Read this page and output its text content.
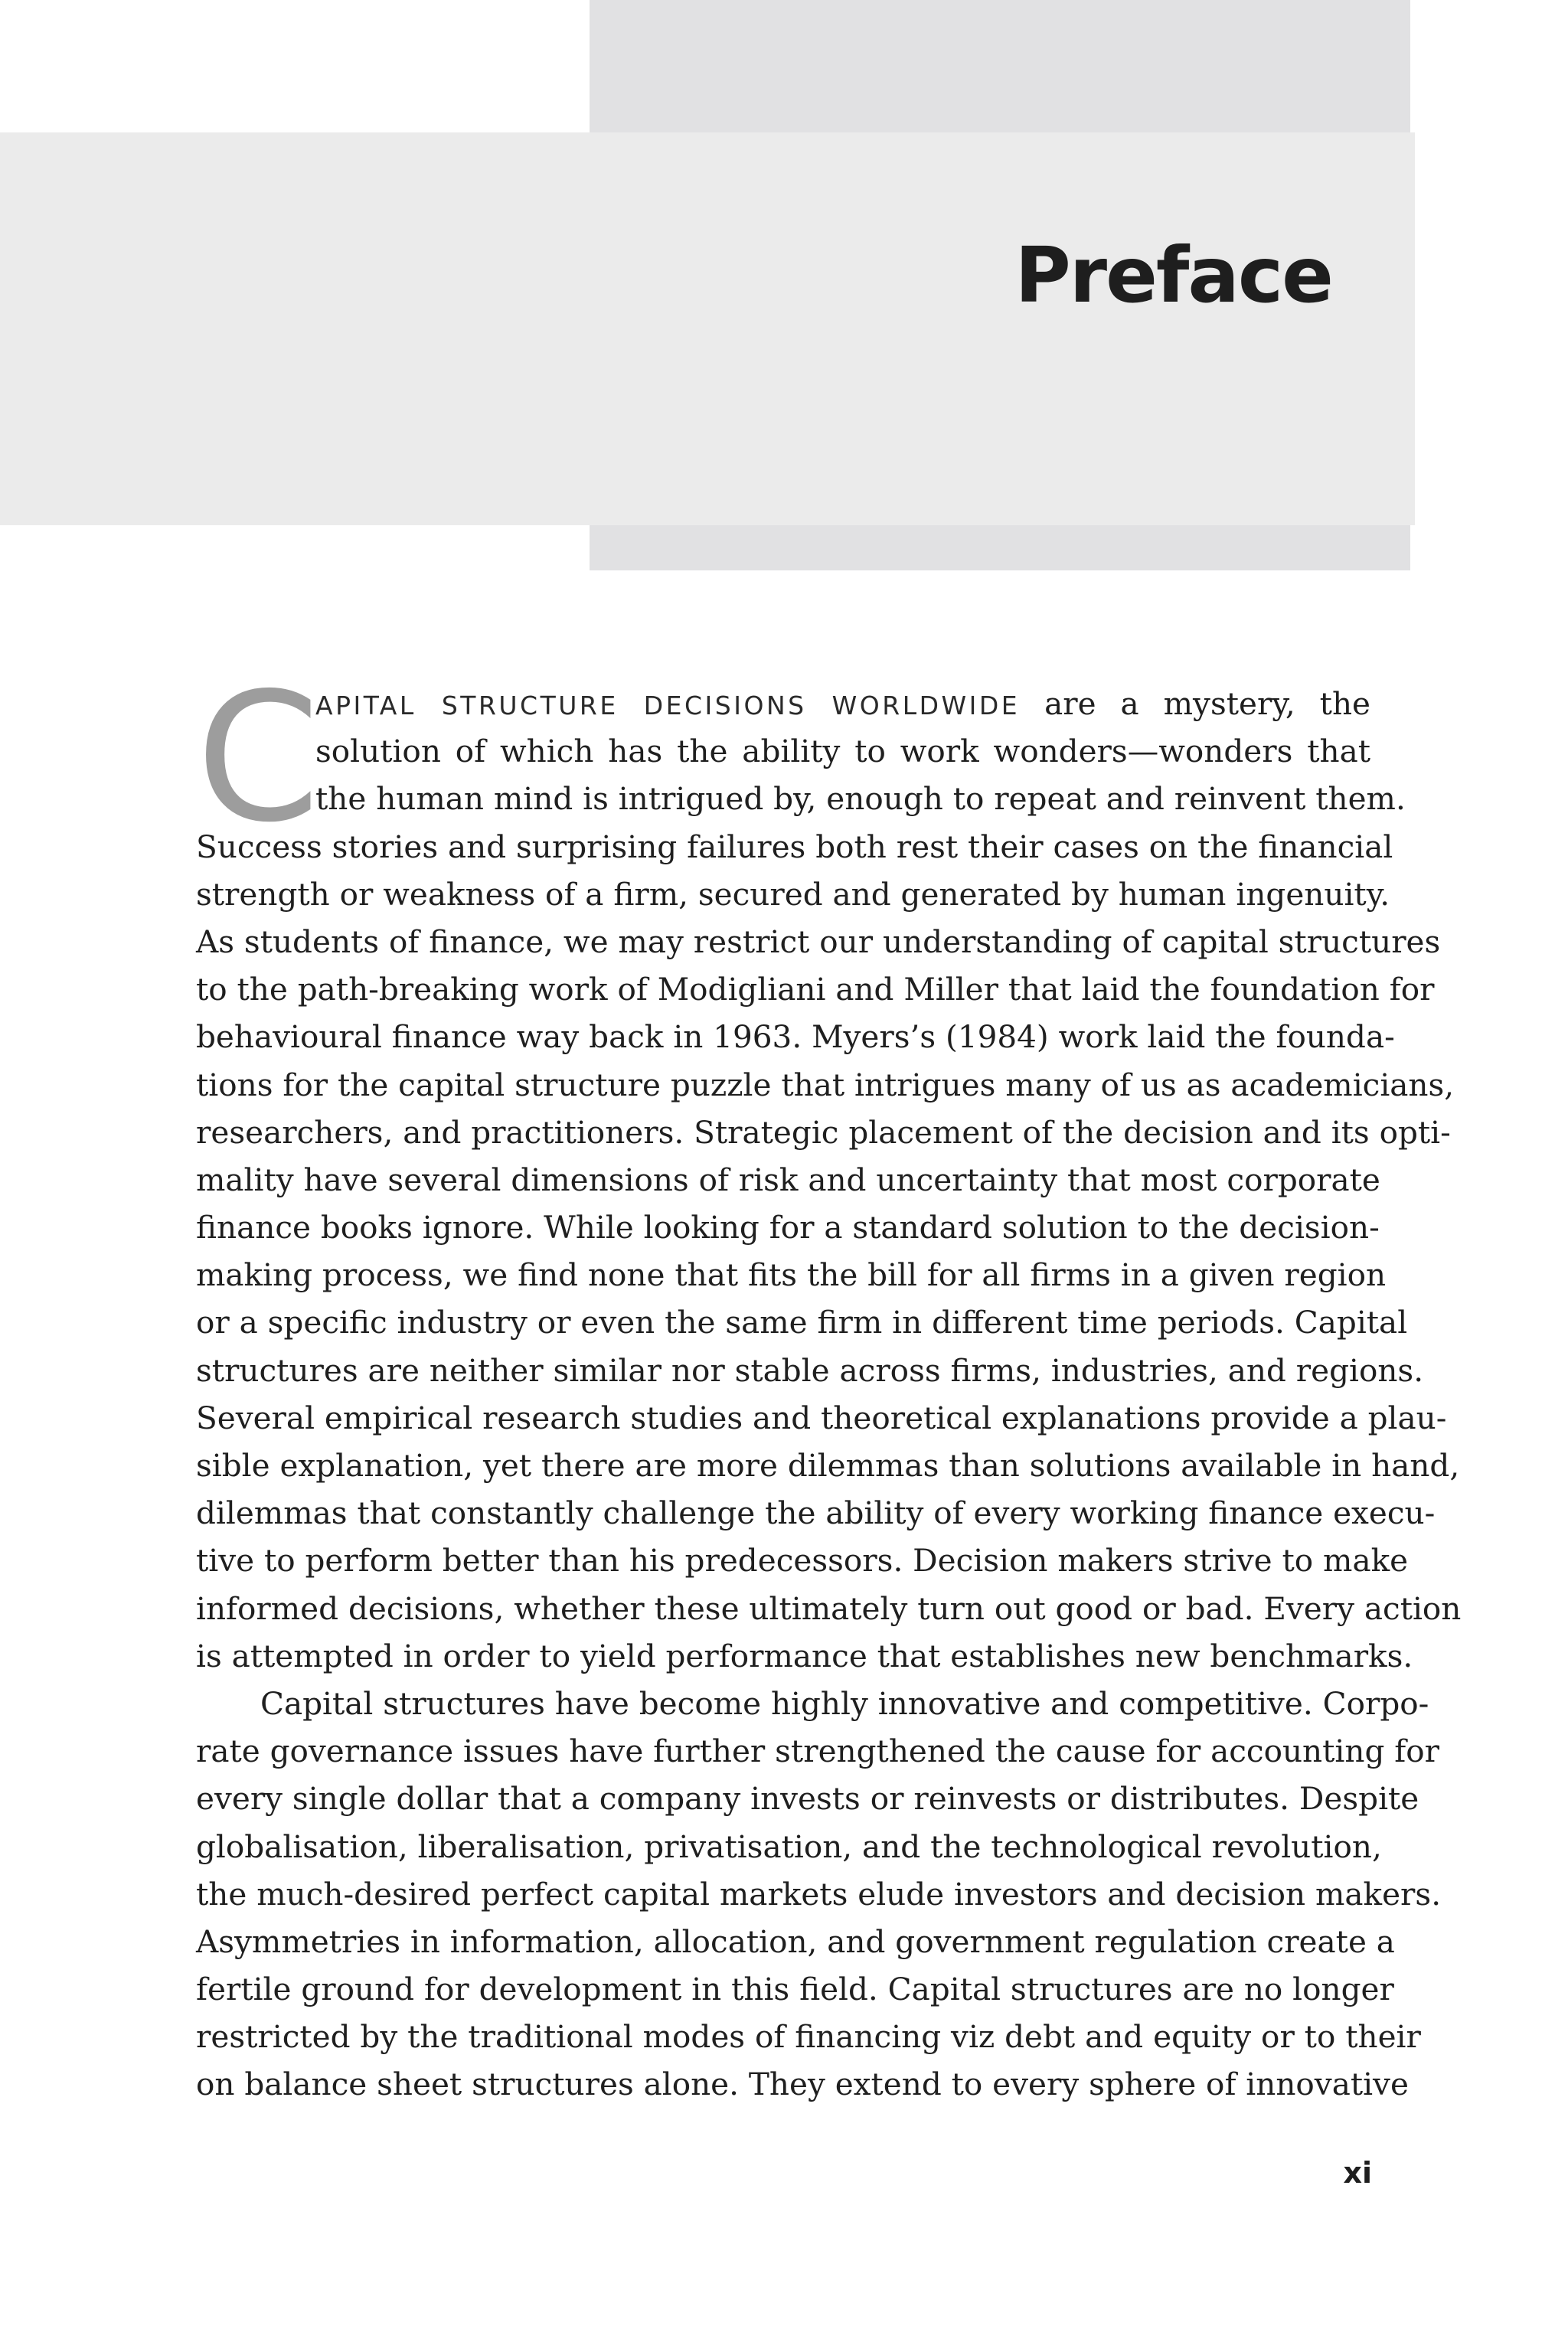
Preface
C

APITAL STRUCTURE DECISIONS WORLDWIDE are a mystery, the
solution of which has the ability to work wonders—wonders that
the human mind is intrigued by, enough to repeat and reinvent them.
Success stories and surprising failures both rest their cases on the financial
strength or weakness of a firm, secured and generated by human ingenuity.
As students of finance, we may restrict our understanding of capital structures
to the path-breaking work of Modigliani and Miller that laid the foundation for
behavioural finance way back in 1963. Myers’s (1984) work laid the founda-
tions for the capital structure puzzle that intrigues many of us as academicians,
researchers, and practitioners. Strategic placement of the decision and its opti-
mality have several dimensions of risk and uncertainty that most corporate
finance books ignore. While looking for a standard solution to the decision-
making process, we find none that fits the bill for all firms in a given region
or a specific industry or even the same firm in different time periods. Capital
structures are neither similar nor stable across firms, industries, and regions.
Several empirical research studies and theoretical explanations provide a plau-
sible explanation, yet there are more dilemmas than solutions available in hand,
dilemmas that constantly challenge the ability of every working finance execu-
tive to perform better than his predecessors. Decision makers strive to make
informed decisions, whether these ultimately turn out good or bad. Every action
is attempted in order to yield performance that establishes new benchmarks.

Capital structures have become highly innovative and competitive. Corpo-
rate governance issues have further strengthened the cause for accounting for
every single dollar that a company invests or reinvests or distributes. Despite
globalisation, liberalisation, privatisation, and the technological revolution,
the much-desired perfect capital markets elude investors and decision makers.
Asymmetries in information, allocation, and government regulation create a
fertile ground for development in this field. Capital structures are no longer
restricted by the traditional modes of financing viz debt and equity or to their
on balance sheet structures alone. They extend to every sphere of innovative

xi
